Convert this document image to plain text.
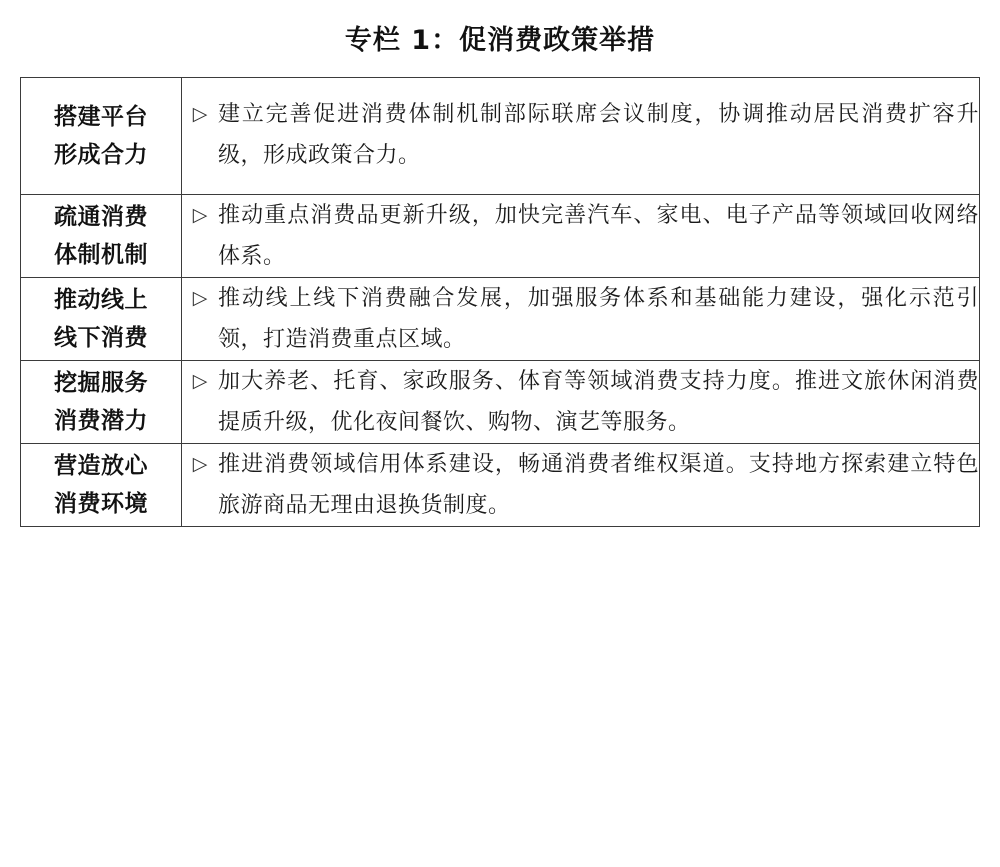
专栏 1：促消费政策举措
搭建平台
形成合力	▷ 建立完善促进消费体制机制部际联席会议制度，协调推动居民消费扩容升级，形成政策合力。

疏通消费
体制机制	▷ 推动重点消费品更新升级，加快完善汽车、家电、电子产品等领域回收网络体系。

推动线上
线下消费	▷ 推动线上线下消费融合发展，加强服务体系和基础能力建设，强化示范引领，打造消费重点区域。

挖掘服务
消费潜力	▷ 加大养老、托育、家政服务、体育等领域消费支持力度。推进文旅休闲消费提质升级，优化夜间餐饮、购物、演艺等服务。

营造放心
消费环境	▷ 推进消费领域信用体系建设，畅通消费者维权渠道。支持地方探索建立特色旅游商品无理由退换货制度。
